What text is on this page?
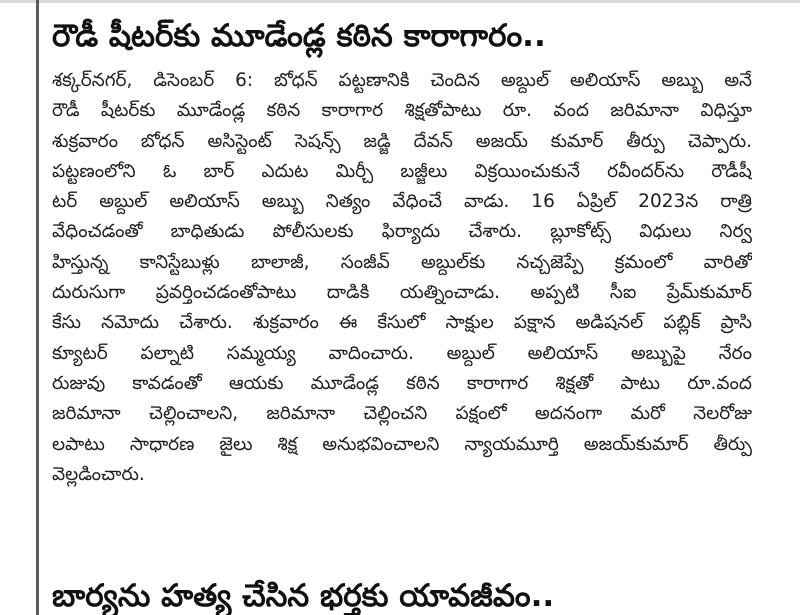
రౌడీ షీటర్‌కు మూడేండ్ల కఠిన కారాగారం..
శక్కర్‌నగర్, డిసెంబర్ 6: బోధన్ పట్టణానికి చెందిన అబ్దుల్ అలియాస్ అబ్బు అనే
రౌడీ షీటర్‌కు మూడేండ్ల కఠిన కారాగార శిక్షతోపాటు రూ. వంద జరిమానా విధిస్తూ
శుక్రవారం బోధన్ అసిస్టెంట్ సెషన్స్ జడ్జి దేవన్ అజయ్ కుమార్ తీర్పు చెప్పారు.
పట్టణంలోని ఓ బార్ ఎదుట మిర్చీ బజ్జీలు విక్రయించుకునే రవీందర్‌ను రౌడీషీ
టర్ అబ్దుల్ అలియాస్ అబ్బు నిత్యం వేధించే వాడు. 16 ఏప్రిల్ 2023న రాత్రి
వేధించడంతో బాధితుడు పోలీసులకు ఫిర్యాదు చేశారు. బ్లూకోట్స్ విధులు నిర్వ
హిస్తున్న కానిస్టేబుళ్లు బాలాజీ, సంజీవ్ అబ్దుల్‌కు నచ్చజెప్పే క్రమంలో వారితో
దురుసుగా ప్రవర్తించడంతోపాటు దాడికి యత్నించాడు. అప్పటి సీఐ ప్రేమ్‌కుమార్
కేసు నమోదు చేశారు. శుక్రవారం ఈ కేసులో సాక్షుల పక్షాన అడిషనల్ పబ్లిక్ ప్రాసి
క్యూటర్ పల్నాటి సమ్మయ్య వాదించారు. అబ్దుల్ అలియాస్ అబ్బుపై నేరం
రుజువు కావడంతో ఆయకు మూడేండ్ల కఠిన కారాగార శిక్షతో పాటు రూ.వంద
జరిమానా చెల్లించాలని, జరిమానా చెల్లించని పక్షంలో అదనంగా మరో నెలరోజు
లపాటు సాధారణ జైలు శిక్ష అనుభవించాలని న్యాయమూర్తి అజయ్‌కుమార్ తీర్పు
వెల్లడించారు.
బార్యను హత్య చేసిన భర్తకు యావజీవం..
